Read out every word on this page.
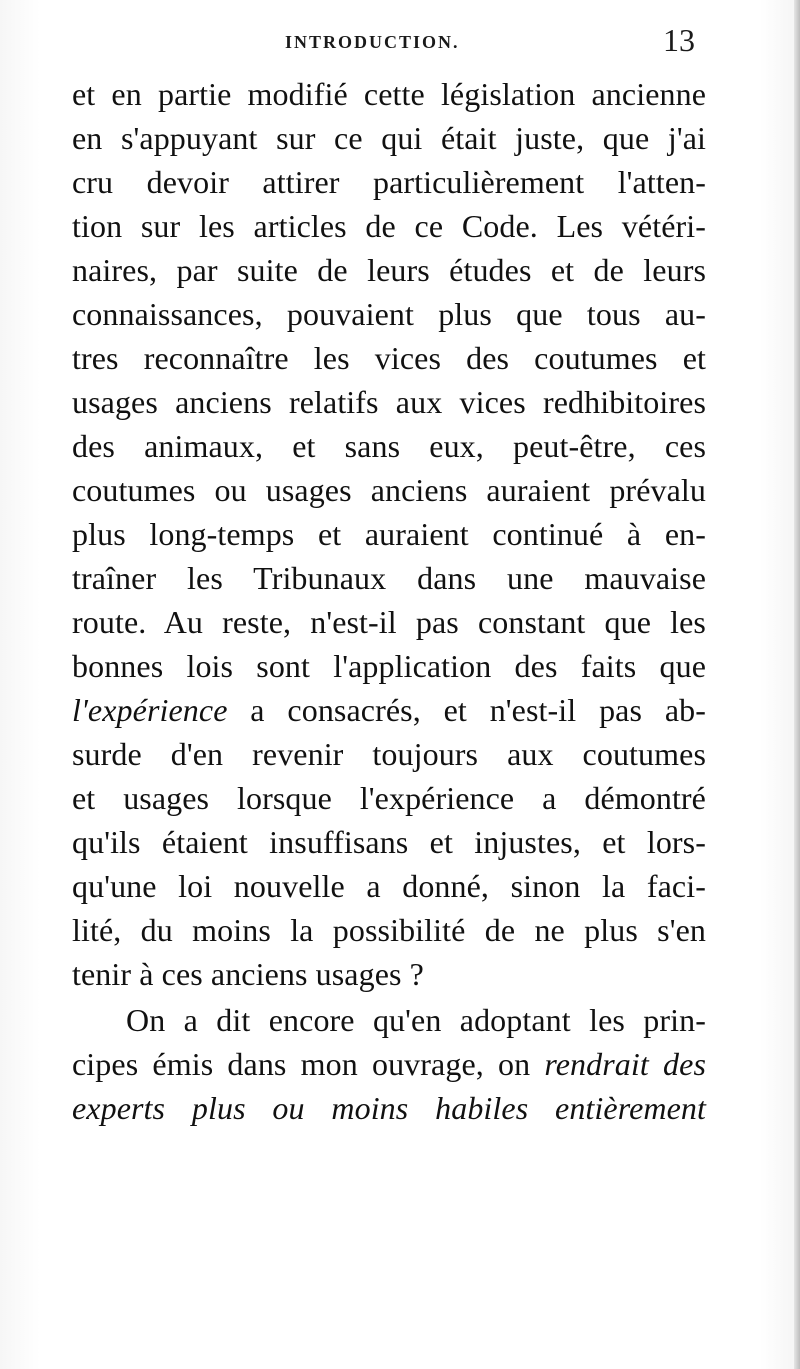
INTRODUCTION.	13
et en partie modifié cette législation ancienne
en s'appuyant sur ce qui était juste, que j'ai
cru devoir attirer particulièrement l'atten-
tion sur les articles de ce Code. Les vétéri-
naires, par suite de leurs études et de leurs
connaissances, pouvaient plus que tous au-
tres reconnaître les vices des coutumes et
usages anciens relatifs aux vices redhibitoires
des animaux, et sans eux, peut-être, ces
coutumes ou usages anciens auraient prévalu
plus long-temps et auraient continué à en-
traîner les Tribunaux dans une mauvaise
route. Au reste, n'est-il pas constant que les
bonnes lois sont l'application des faits que
l'expérience a consacrés, et n'est-il pas ab-
surde d'en revenir toujours aux coutumes
et usages lorsque l'expérience a démontré
qu'ils étaient insuffisans et injustes, et lors-
qu'une loi nouvelle a donné, sinon la faci-
lité, du moins la possibilité de ne plus s'en
tenir à ces anciens usages ?
On a dit encore qu'en adoptant les prin-
cipes émis dans mon ouvrage, on rendrait des
experts plus ou moins habiles entièrement
